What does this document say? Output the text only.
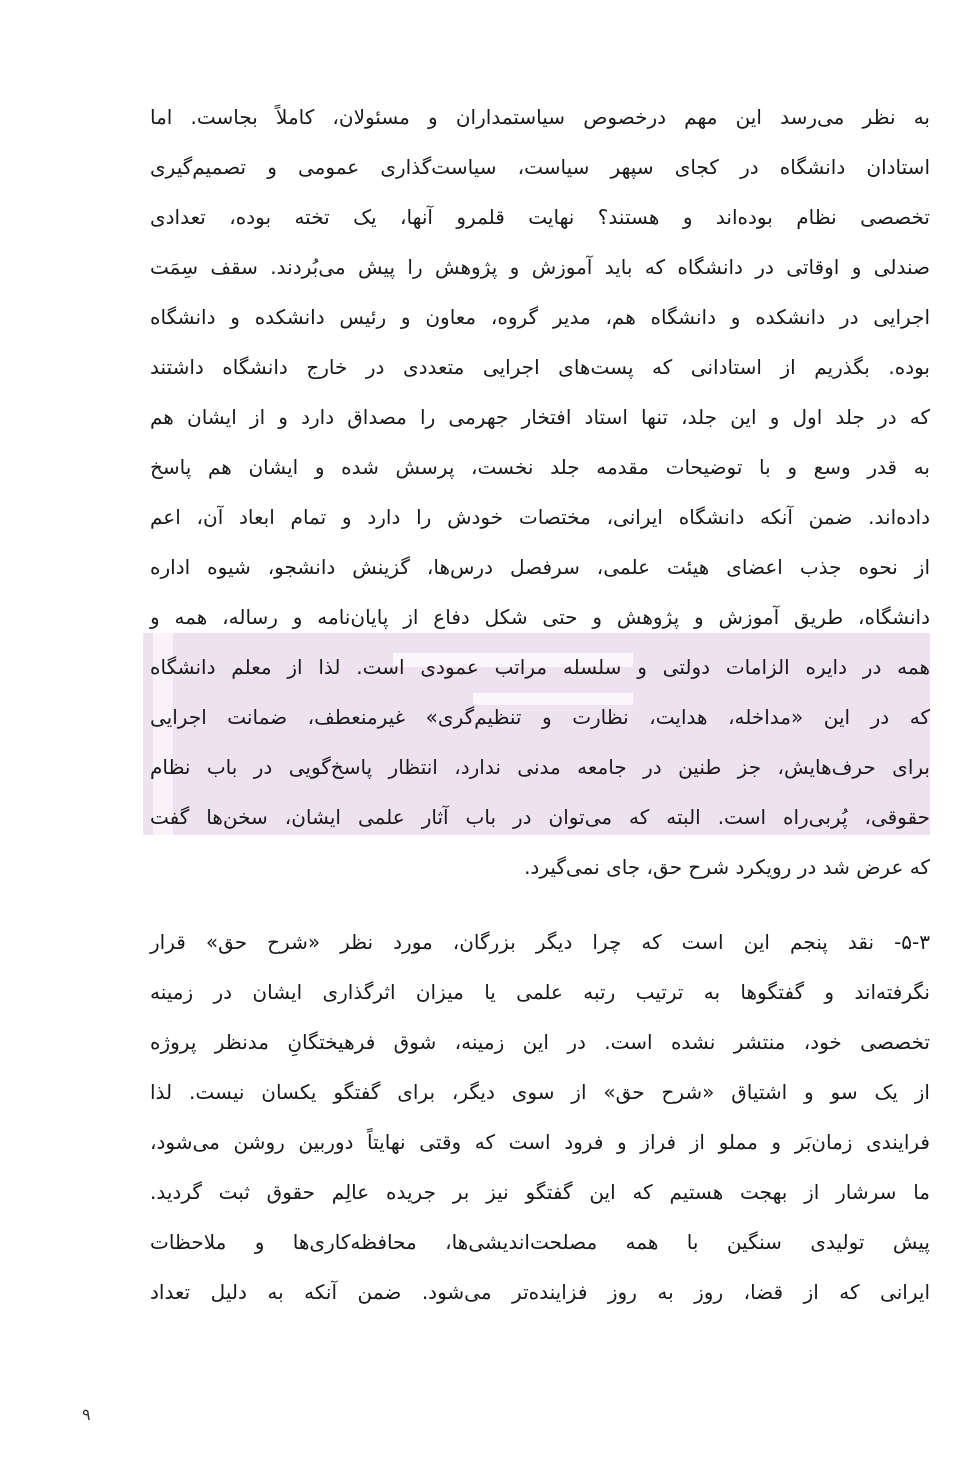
به نظر می‌رسد این مهم درخصوص سیاستمداران و مسئولان، کاملاً بجاست. اما
استادان دانشگاه در کجای سپهر سیاست، سیاست‌گذاری عمومی و تصمیم‌گیری
تخصصی نظام بوده‌اند و هستند؟ نهایت قلمرو آنها، یک تخته بوده، تعدادی
صندلی و اوقاتی در دانشگاه که باید آموزش و پژوهش را پیش می‌بُردند. سقف سِمَت
اجرایی در دانشکده و دانشگاه هم، مدیر گروه، معاون و رئیس دانشکده و دانشگاه
بوده. بگذریم از استادانی که پست‌های اجرایی متعددی در خارج دانشگاه داشتند
که در جلد اول و این جلد، تنها استاد افتخار جهرمی را مصداق دارد و از ایشان هم
به قدر وسع و با توضیحات مقدمه جلد نخست، پرسش شده و ایشان هم پاسخ
داده‌اند. ضمن آنکه دانشگاه ایرانی، مختصات خودش را دارد و تمام ابعاد آن، اعم
از نحوه جذب اعضای هیئت علمی، سرفصل درس‌ها، گزینش دانشجو، شیوه اداره
دانشگاه، طریق آموزش و پژوهش و حتی شکل دفاع از پایان‌نامه و رساله، همه و
همه در دایره الزامات دولتی و سلسله مراتب عمودی است. لذا از معلم دانشگاه
که در این «مداخله، هدایت، نظارت و تنظیم‌گری» غیرمنعطف، ضمانت اجرایی
برای حرف‌هایش، جز طنین در جامعه مدنی ندارد، انتظار پاسخ‌گویی در باب نظام
حقوقی، پُربی‌راه است. البته که می‌توان در باب آثار علمی ایشان، سخن‌ها گفت
که عرض شد در رویکرد شرح حق، جای نمی‌گیرد.
۵-۳- نقد پنجم این است که چرا دیگر بزرگان، مورد نظر «شرح حق» قرار
نگرفته‌اند و گفتگوها به ترتیب رتبه علمی یا میزان اثرگذاری ایشان در زمینه
تخصصی خود، منتشر نشده است. در این زمینه، شوق فرهیختگانِ مدنظر پروژه
از یک سو و اشتیاق «شرح حق» از سوی دیگر، برای گفتگو یکسان نیست. لذا
فرایندی زمان‌بَر و مملو از فراز و فرود است که وقتی نهایتاً دوربین روشن می‌شود،
ما سرشار از بهجت هستیم که این گفتگو نیز بر جریده عالِم حقوق ثبت گردید.
پیش تولیدی سنگین با همه مصلحت‌اندیشی‌ها، محافظه‌کاری‌ها و ملاحظات
ایرانی که از قضا، روز به روز فزاینده‌تر می‌شود. ضمن آنکه به دلیل تعداد
۹
